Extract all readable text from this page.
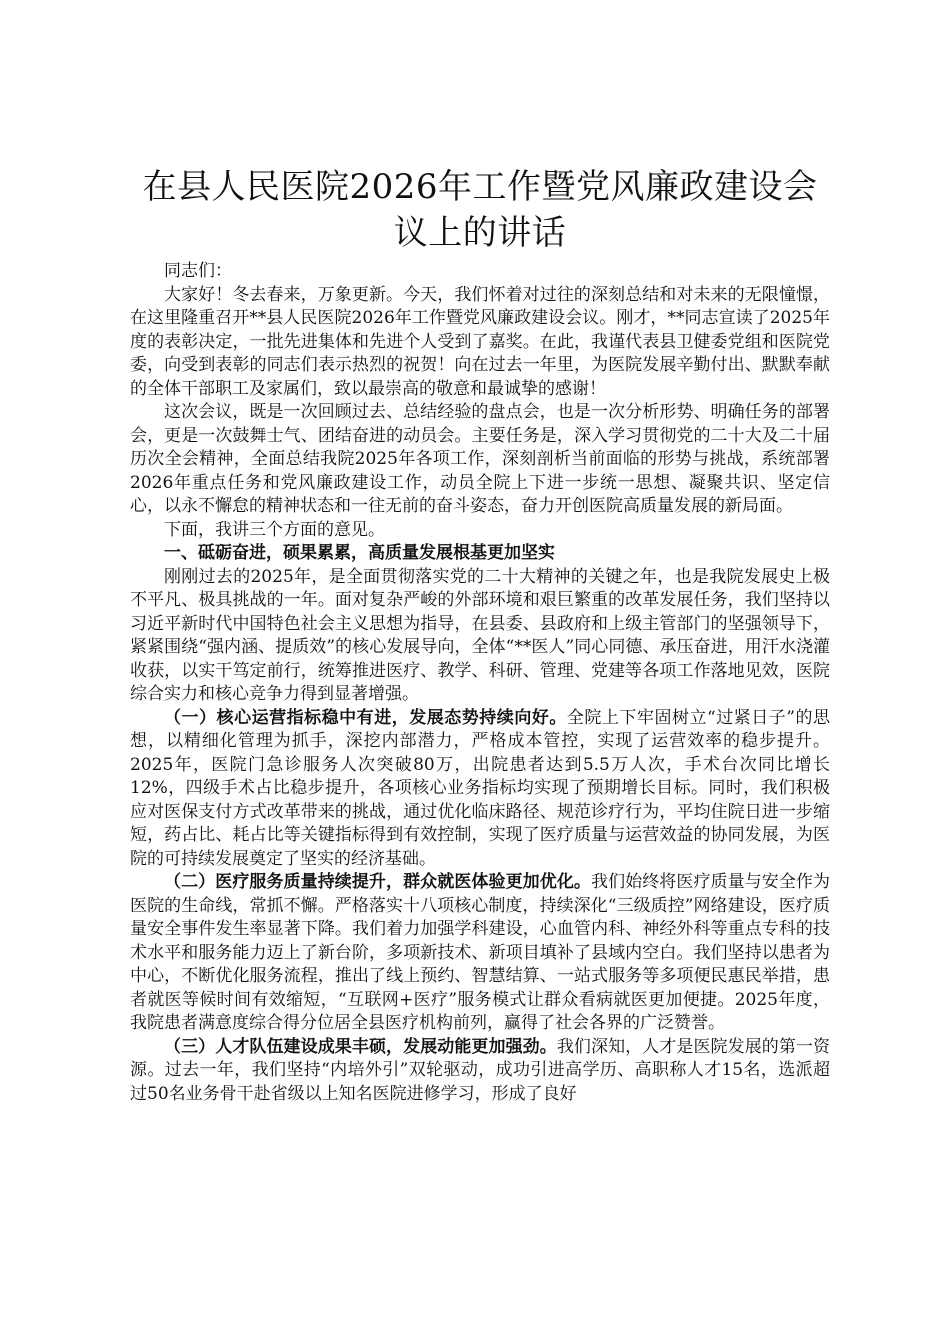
在县人民医院2026年工作暨党风廉政建设会议上的讲话

同志们：

大家好！冬去春来，万象更新。今天，我们怀着对过往的深刻总结和对未来的无限憧憬，在这里隆重召开**县人民医院2026年工作暨党风廉政建设会议。刚才，**同志宣读了2025年度的表彰决定，一批先进集体和先进个人受到了嘉奖。在此，我谨代表县卫健委党组和医院党委，向受到表彰的同志们表示热烈的祝贺！向在过去一年里，为医院发展辛勤付出、默默奉献的全体干部职工及家属们，致以最崇高的敬意和最诚挚的感谢！

这次会议，既是一次回顾过去、总结经验的盘点会，也是一次分析形势、明确任务的部署会，更是一次鼓舞士气、团结奋进的动员会。主要任务是，深入学习贯彻党的二十大及二十届历次全会精神，全面总结我院2025年各项工作，深刻剖析当前面临的形势与挑战，系统部署2026年重点任务和党风廉政建设工作，动员全院上下进一步统一思想、凝聚共识、坚定信心，以永不懈怠的精神状态和一往无前的奋斗姿态，奋力开创医院高质量发展的新局面。

下面，我讲三个方面的意见。

一、砥砺奋进，硕果累累，高质量发展根基更加坚实

刚刚过去的2025年，是全面贯彻落实党的二十大精神的关键之年，也是我院发展史上极不平凡、极具挑战的一年。面对复杂严峻的外部环境和艰巨繁重的改革发展任务，我们坚持以习近平新时代中国特色社会主义思想为指导，在县委、县政府和上级主管部门的坚强领导下，紧紧围绕“强内涵、提质效”的核心发展导向，全体“**医人”同心同德、承压奋进，用汗水浇灌收获，以实干笃定前行，统筹推进医疗、教学、科研、管理、党建等各项工作落地见效，医院综合实力和核心竞争力得到显著增强。

（一）核心运营指标稳中有进，发展态势持续向好。全院上下牢固树立“过紧日子”的思想，以精细化管理为抓手，深挖内部潜力，严格成本管控，实现了运营效率的稳步提升。2025年，医院门急诊服务人次突破80万，出院患者达到5.5万人次，手术台次同比增长12%，四级手术占比稳步提升，各项核心业务指标均实现了预期增长目标。同时，我们积极应对医保支付方式改革带来的挑战，通过优化临床路径、规范诊疗行为，平均住院日进一步缩短，药占比、耗占比等关键指标得到有效控制，实现了医疗质量与运营效益的协同发展，为医院的可持续发展奠定了坚实的经济基础。

（二）医疗服务质量持续提升，群众就医体验更加优化。我们始终将医疗质量与安全作为医院的生命线，常抓不懈。严格落实十八项核心制度，持续深化“三级质控”网络建设，医疗质量安全事件发生率显著下降。我们着力加强学科建设，心血管内科、神经外科等重点专科的技术水平和服务能力迈上了新台阶，多项新技术、新项目填补了县域内空白。我们坚持以患者为中心，不断优化服务流程，推出了线上预约、智慧结算、一站式服务等多项便民惠民举措，患者就医等候时间有效缩短，“互联网+医疗”服务模式让群众看病就医更加便捷。2025年度，我院患者满意度综合得分位居全县医疗机构前列，赢得了社会各界的广泛赞誉。

（三）人才队伍建设成果丰硕，发展动能更加强劲。我们深知，人才是医院发展的第一资源。过去一年，我们坚持“内培外引”双轮驱动，成功引进高学历、高职称人才15名，选派超过50名业务骨干赴省级以上知名医院进修学习，形成了良好
